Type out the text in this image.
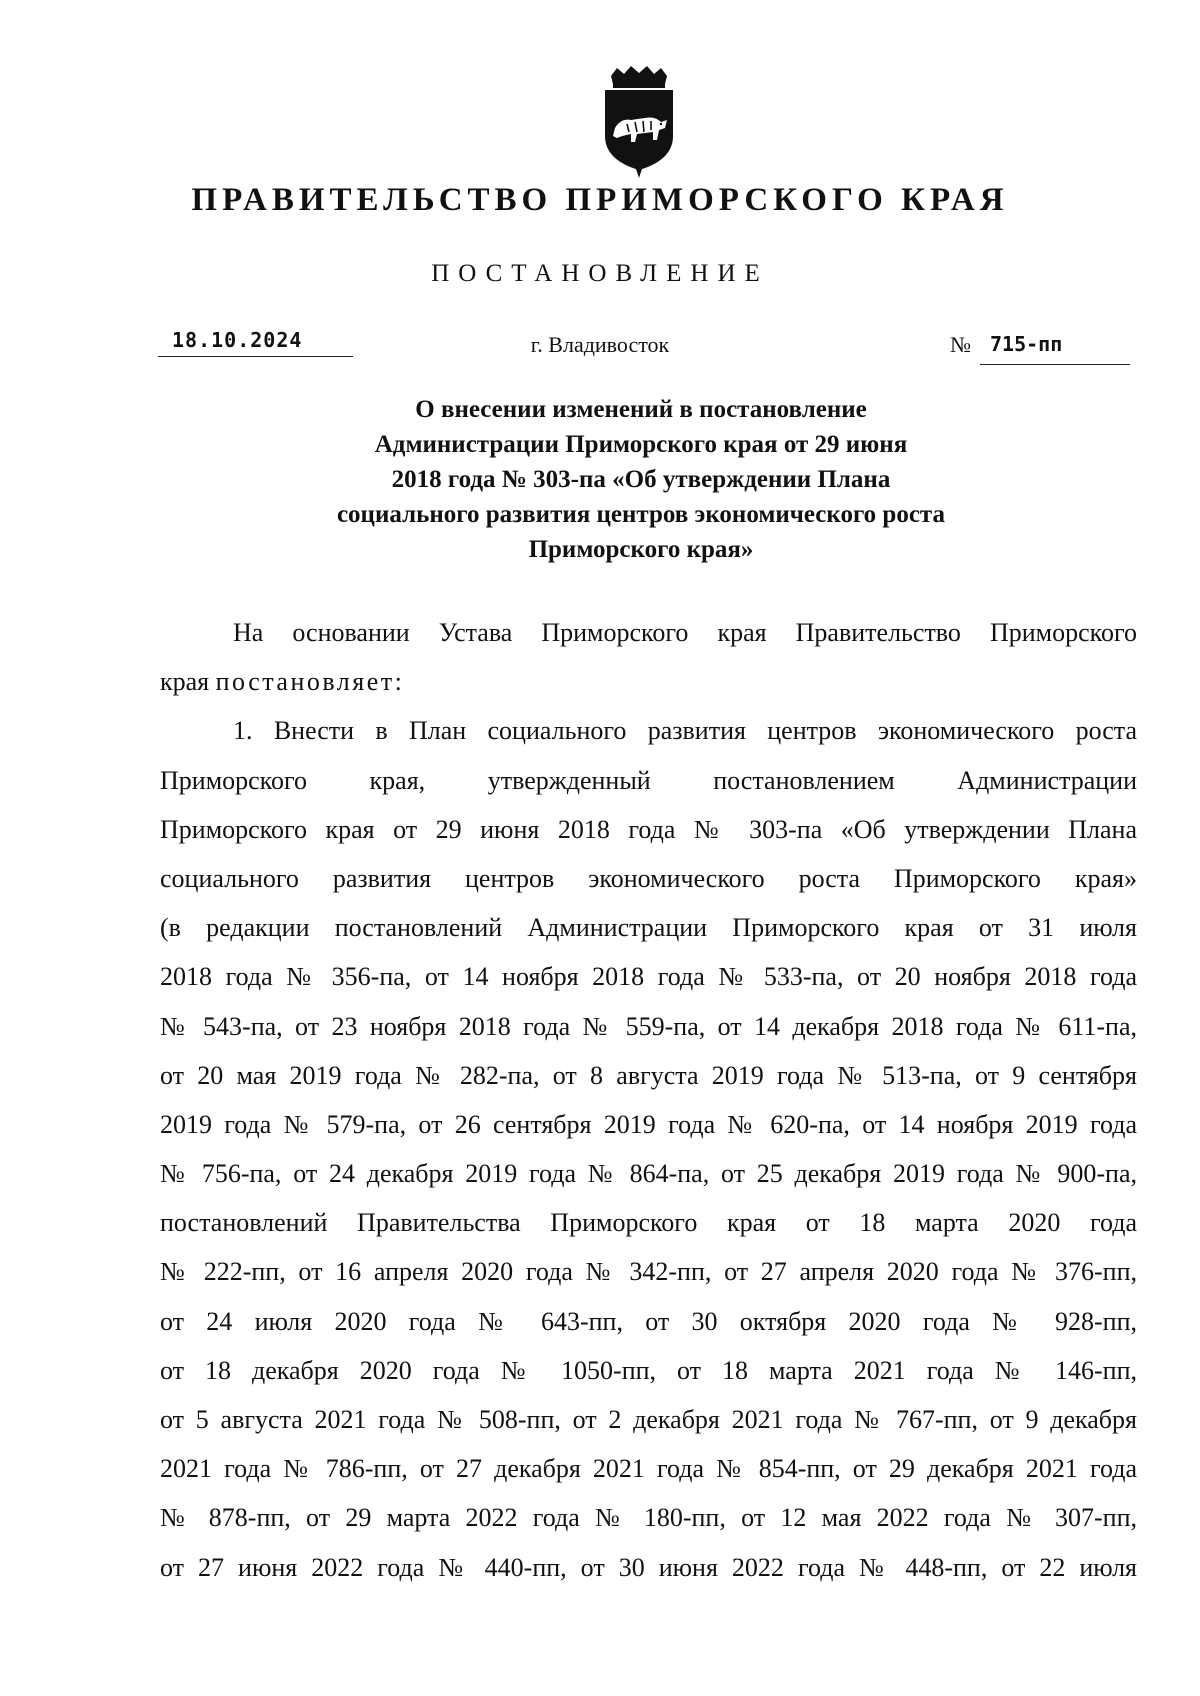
ПРАВИТЕЛЬСТВО ПРИМОРСКОГО КРАЯ
ПОСТАНОВЛЕНИЕ
18.10.2024	г. Владивосток	№ 715-пп
О внесении изменений в постановление
Администрации Приморского края от 29 июня
2018 года № 303-па «Об утверждении Плана
социального развития центров экономического роста
Приморского края»
На основании Устава Приморского края Правительство Приморского
края постановляет:
1. Внести в План социального развития центров экономического роста
Приморского края, утвержденный постановлением Администрации
Приморского края от 29 июня 2018 года № 303-па «Об утверждении Плана
социального развития центров экономического роста Приморского края»
(в редакции постановлений Администрации Приморского края от 31 июля
2018 года № 356-па, от 14 ноября 2018 года № 533-па, от 20 ноября 2018 года
№ 543-па, от 23 ноября 2018 года № 559-па, от 14 декабря 2018 года № 611-па,
от 20 мая 2019 года № 282-па, от 8 августа 2019 года № 513-па, от 9 сентября
2019 года № 579-па, от 26 сентября 2019 года № 620-па, от 14 ноября 2019 года
№ 756-па, от 24 декабря 2019 года № 864-па, от 25 декабря 2019 года № 900-па,
постановлений Правительства Приморского края от 18 марта 2020 года
№ 222-пп, от 16 апреля 2020 года № 342-пп, от 27 апреля 2020 года № 376-пп,
от 24 июля 2020 года № 643-пп, от 30 октября 2020 года № 928-пп,
от 18 декабря 2020 года № 1050-пп, от 18 марта 2021 года № 146-пп,
от 5 августа 2021 года № 508-пп, от 2 декабря 2021 года № 767-пп, от 9 декабря
2021 года № 786-пп, от 27 декабря 2021 года № 854-пп, от 29 декабря 2021 года
№ 878-пп, от 29 марта 2022 года № 180-пп, от 12 мая 2022 года № 307-пп,
от 27 июня 2022 года № 440-пп, от 30 июня 2022 года № 448-пп, от 22 июля
